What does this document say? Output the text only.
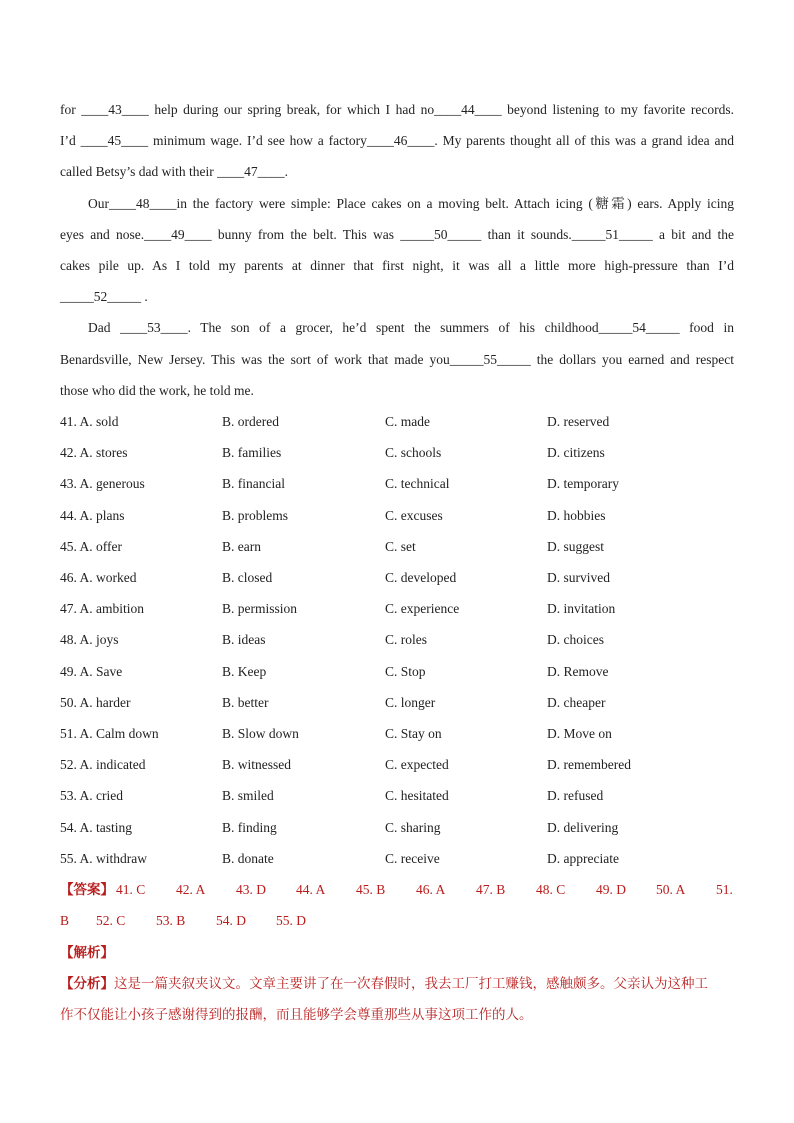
for ____43____ help during our spring break, for which I had no____44____ beyond listening to my favorite records.
I’d ____45____ minimum wage. I’d see how a factory____46____. My parents thought all of this was a grand idea and
called Betsy’s dad with their ____47____.
Our____48____in the factory were simple: Place cakes on a moving belt. Attach icing (糖霜) ears. Apply icing
eyes and nose.____49____ bunny from the belt. This was _____50_____ than it sounds._____51_____ a bit and the
cakes pile up. As I told my parents at dinner that first night, it was all a little more high-pressure than I’d
_____52_____ .
Dad ____53____. The son of a grocer, he’d spent the summers of his childhood_____54_____ food in
Benardsville, New Jersey. This was the sort of work that made you_____55_____ the dollars you earned and respect
those who did the work, he told me.
41. A. sold	B. ordered	C. made	D. reserved
42. A. stores	B. families	C. schools	D. citizens
43. A. generous	B. financial	C. technical	D. temporary
44. A. plans	B. problems	C. excuses	D. hobbies
45. A. offer	B. earn	C. set	D. suggest
46. A. worked	B. closed	C. developed	D. survived
47. A. ambition	B. permission	C. experience	D. invitation
48. A. joys	B. ideas	C. roles	D. choices
49. A. Save	B. Keep	C. Stop	D. Remove
50. A. harder	B. better	C. longer	D. cheaper
51. A. Calm down	B. Slow down	C. Stay on	D. Move on
52. A. indicated	B. witnessed	C. expected	D. remembered
53. A. cried	B. smiled	C. hesitated	D. refused
54. A. tasting	B. finding	C. sharing	D. delivering
55. A. withdraw	B. donate	C. receive	D. appreciate
【答案】 41. C 42. A 43. D 44. A 45. B 46. A 47. B 48. C 49. D 50. A 51.
B 52. C 53. B 54. D 55. D
【解析】
【分析】这是一篇夹叙夹议文。文章主要讲了在一次春假时，我去工厂打工赚钱，感触颇多。父亲认为这种工
作不仅能让小孩子感谢得到的报酬，而且能够学会尊重那些从事这项工作的人。
